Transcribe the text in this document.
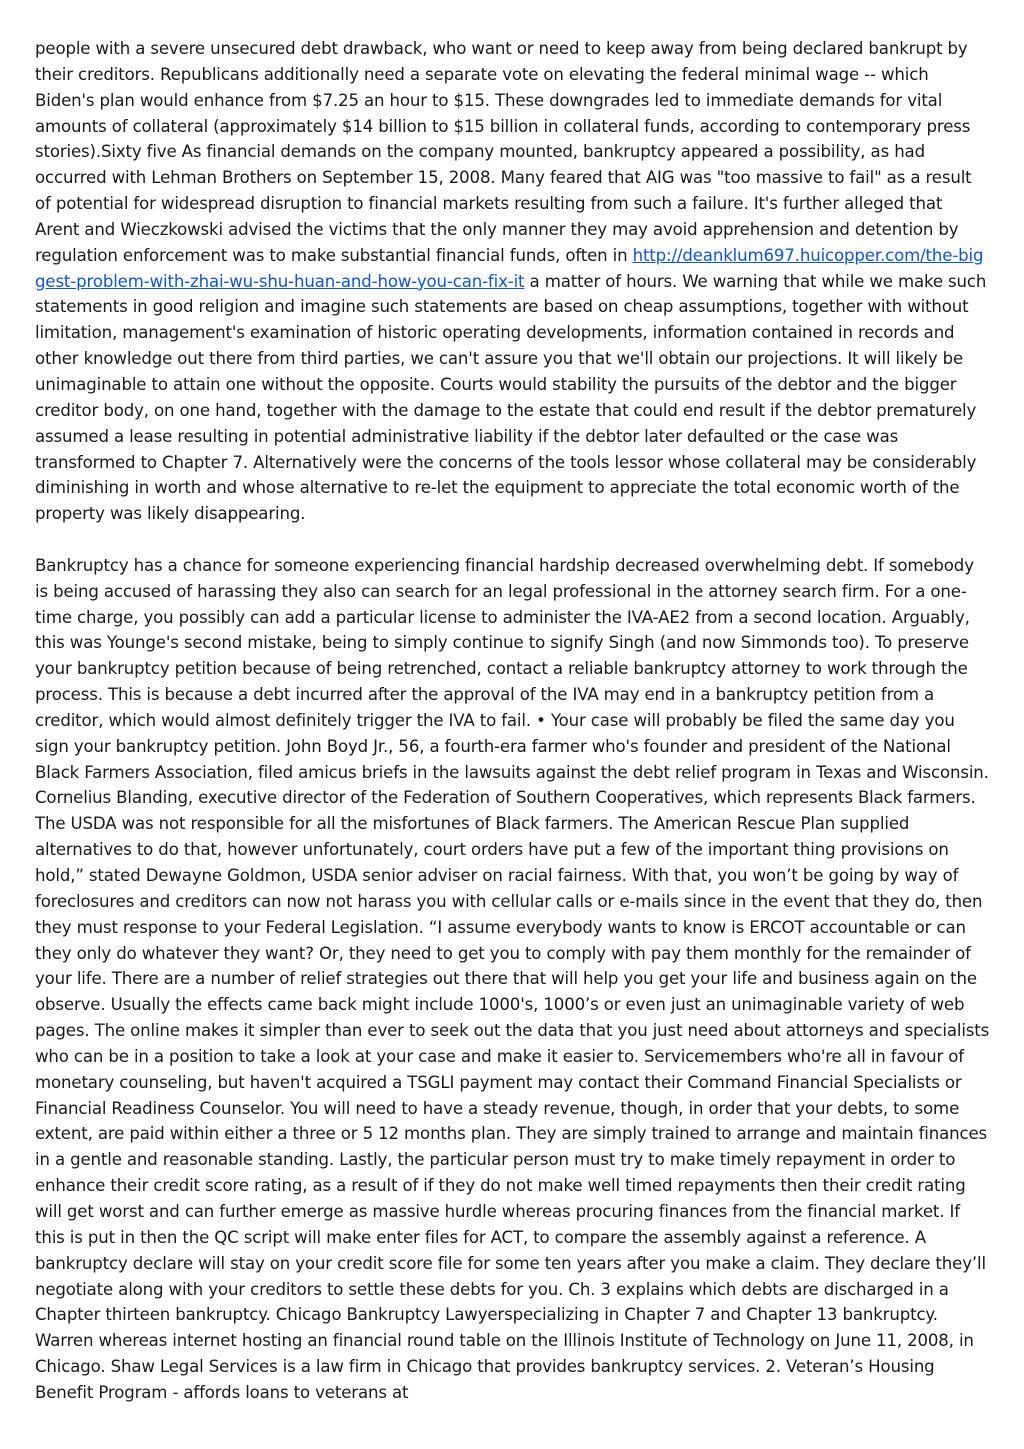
people with a severe unsecured debt drawback, who want or need to keep away from being declared bankrupt by their creditors. Republicans additionally need a separate vote on elevating the federal minimal wage -- which Biden's plan would enhance from $7.25 an hour to $15. These downgrades led to immediate demands for vital amounts of collateral (approximately $14 billion to $15 billion in collateral funds, according to contemporary press stories).Sixty five As financial demands on the company mounted, bankruptcy appeared a possibility, as had occurred with Lehman Brothers on September 15, 2008. Many feared that AIG was "too massive to fail" as a result of potential for widespread disruption to financial markets resulting from such a failure. It's further alleged that Arent and Wieczkowski advised the victims that the only manner they may avoid apprehension and detention by regulation enforcement was to make substantial financial funds, often in http://deanklum697.huicopper.com/the-biggest-problem-with-zhai-wu-shu-huan-and-how-you-can-fix-it a matter of hours. We warning that while we make such statements in good religion and imagine such statements are based on cheap assumptions, together with without limitation, management's examination of historic operating developments, information contained in records and other knowledge out there from third parties, we can't assure you that we'll obtain our projections. It will likely be unimaginable to attain one without the opposite. Courts would stability the pursuits of the debtor and the bigger creditor body, on one hand, together with the damage to the estate that could end result if the debtor prematurely assumed a lease resulting in potential administrative liability if the debtor later defaulted or the case was transformed to Chapter 7. Alternatively were the concerns of the tools lessor whose collateral may be considerably diminishing in worth and whose alternative to re-let the equipment to appreciate the total economic worth of the property was likely disappearing.

Bankruptcy has a chance for someone experiencing financial hardship decreased overwhelming debt. If somebody is being accused of harassing they also can search for an legal professional in the attorney search firm. For a one-time charge, you possibly can add a particular license to administer the IVA-AE2 from a second location. Arguably, this was Younge's second mistake, being to simply continue to signify Singh (and now Simmonds too). To preserve your bankruptcy petition because of being retrenched, contact a reliable bankruptcy attorney to work through the process. This is because a debt incurred after the approval of the IVA may end in a bankruptcy petition from a creditor, which would almost definitely trigger the IVA to fail. • Your case will probably be filed the same day you sign your bankruptcy petition. John Boyd Jr., 56, a fourth-era farmer who's founder and president of the National Black Farmers Association, filed amicus briefs in the lawsuits against the debt relief program in Texas and Wisconsin. Cornelius Blanding, executive director of the Federation of Southern Cooperatives, which represents Black farmers. The USDA was not responsible for all the misfortunes of Black farmers. The American Rescue Plan supplied alternatives to do that, however unfortunately, court orders have put a few of the important thing provisions on hold,” stated Dewayne Goldmon, USDA senior adviser on racial fairness. With that, you won’t be going by way of foreclosures and creditors can now not harass you with cellular calls or e-mails since in the event that they do, then they must response to your Federal Legislation. “I assume everybody wants to know is ERCOT accountable or can they only do whatever they want? Or, they need to get you to comply with pay them monthly for the remainder of your life. There are a number of relief strategies out there that will help you get your life and business again on the observe. Usually the effects came back might include 1000's, 1000’s or even just an unimaginable variety of web pages. The online makes it simpler than ever to seek out the data that you just need about attorneys and specialists who can be in a position to take a look at your case and make it easier to. Servicemembers who're all in favour of monetary counseling, but haven't acquired a TSGLI payment may contact their Command Financial Specialists or Financial Readiness Counselor. You will need to have a steady revenue, though, in order that your debts, to some extent, are paid within either a three or 5 12 months plan. They are simply trained to arrange and maintain finances in a gentle and reasonable standing. Lastly, the particular person must try to make timely repayment in order to enhance their credit score rating, as a result of if they do not make well timed repayments then their credit rating will get worst and can further emerge as massive hurdle whereas procuring finances from the financial market. If this is put in then the QC script will make enter files for ACT, to compare the assembly against a reference. A bankruptcy declare will stay on your credit score file for some ten years after you make a claim. They declare they’ll negotiate along with your creditors to settle these debts for you. Ch. 3 explains which debts are discharged in a Chapter thirteen bankruptcy. Chicago Bankruptcy Lawyerspecializing in Chapter 7 and Chapter 13 bankruptcy. Warren whereas internet hosting an financial round table on the Illinois Institute of Technology on June 11, 2008, in Chicago. Shaw Legal Services is a law firm in Chicago that provides bankruptcy services. 2. Veteran’s Housing Benefit Program - affords loans to veterans at
